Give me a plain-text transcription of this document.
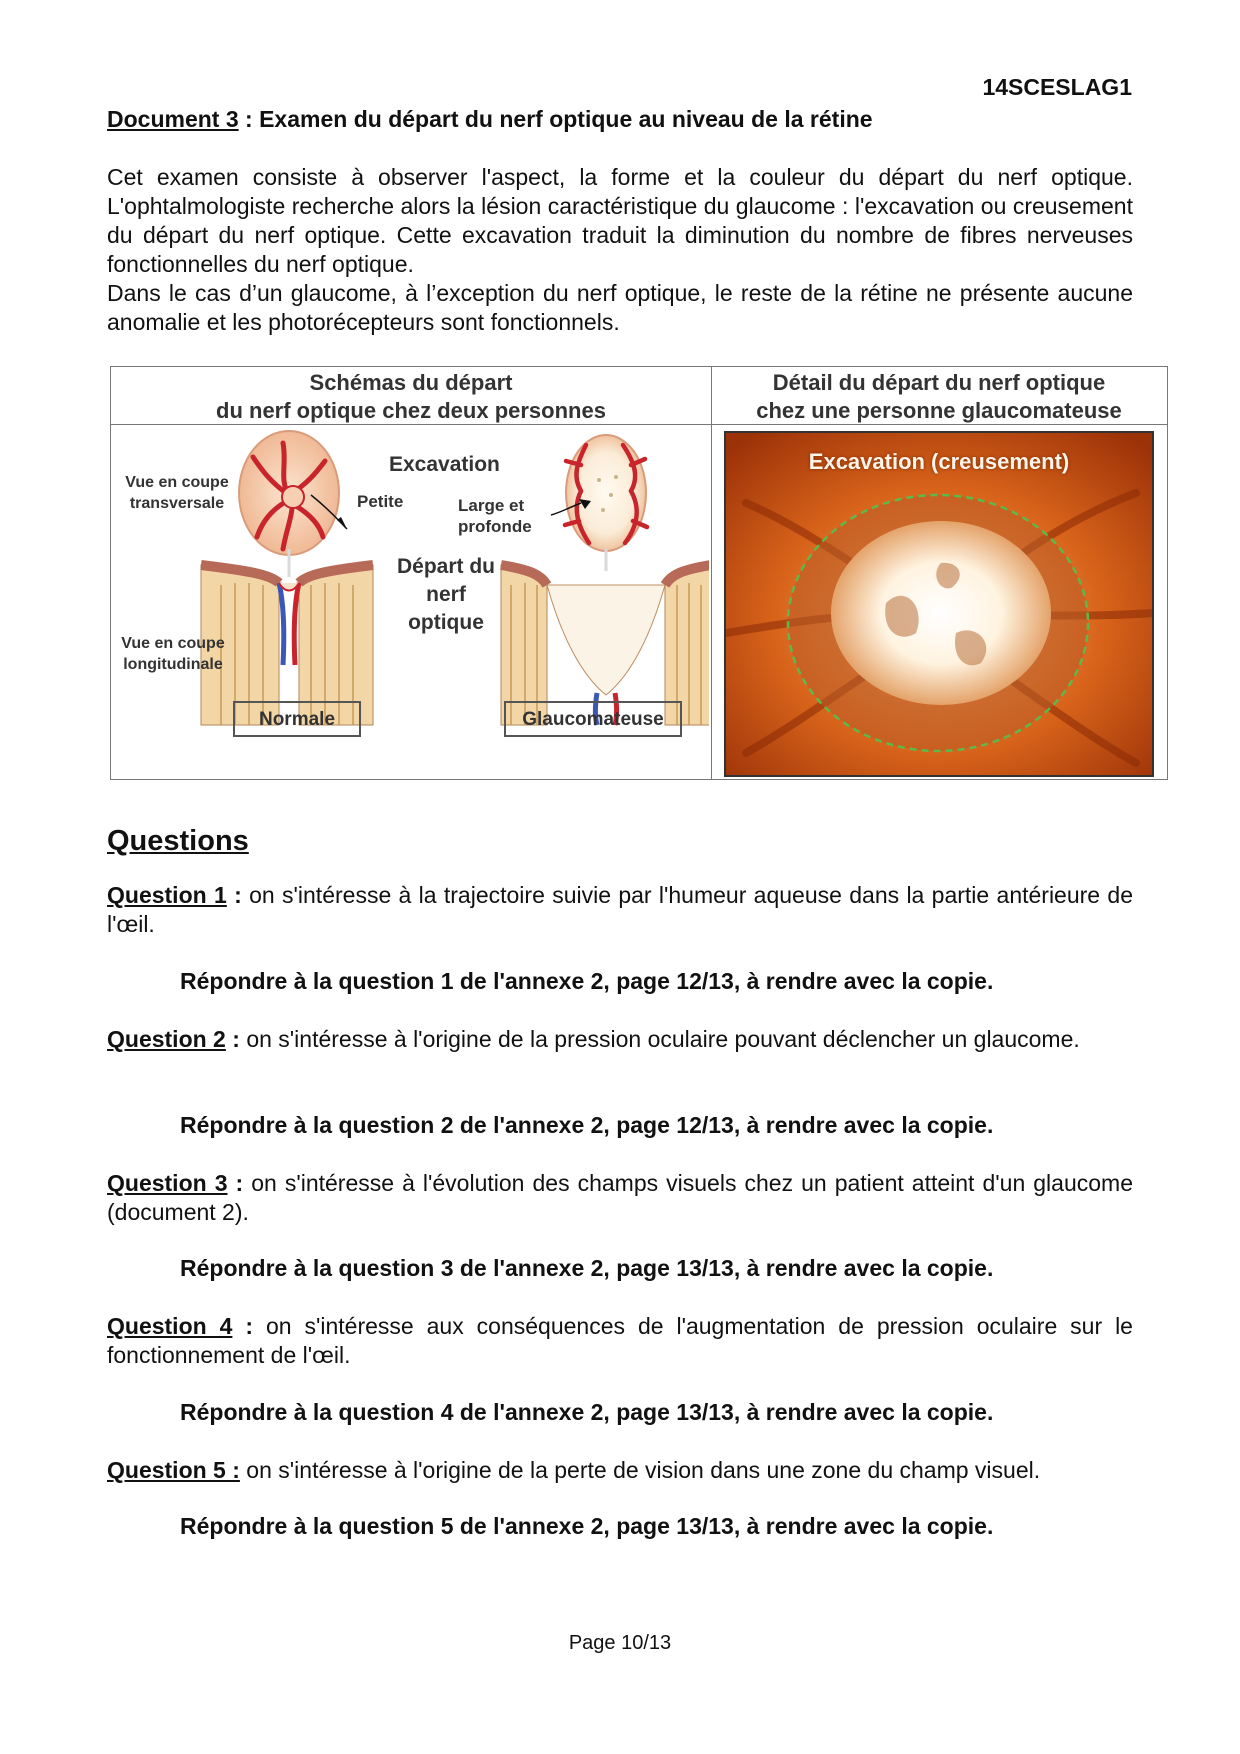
14SCESLAG1
Document 3 : Examen du départ du nerf optique au niveau de la rétine

Cet examen consiste à observer l'aspect, la forme et la couleur du départ du nerf optique. L'ophtalmologiste recherche alors la lésion caractéristique du glaucome : l'excavation ou creusement du départ du nerf optique. Cette excavation traduit la diminution du nombre de fibres nerveuses fonctionnelles du nerf optique.

Dans le cas d’un glaucome, à l’exception du nerf optique, le reste de la rétine ne présente aucune anomalie et les photorécepteurs sont fonctionnels.

Schémas du départ
du nerf optique chez deux personnes
Vue en coupe
transversale
Vue en coupe
longitudinale
Excavation
Petite	Large et
profonde
Départ du
nerf
optique
Normale	Glaucomateuse
Détail du départ du nerf optique
chez une personne glaucomateuse
Excavation (creusement)
Questions
Question 1 : on s'intéresse à la trajectoire suivie par l'humeur aqueuse dans la partie antérieure de l'œil.
Répondre à la question 1 de l'annexe 2, page 12/13, à rendre avec la copie.
Question 2 : on s'intéresse à l'origine de la pression oculaire pouvant déclencher un glaucome.
Répondre à la question 2 de l'annexe 2, page 12/13, à rendre avec la copie.
Question 3 : on s'intéresse à l'évolution des champs visuels chez un patient atteint d'un glaucome (document 2).
Répondre à la question 3 de l'annexe 2, page 13/13, à rendre avec la copie.
Question 4 : on s'intéresse aux conséquences de l'augmentation de pression oculaire sur le fonctionnement de l'œil.
Répondre à la question 4 de l'annexe 2, page 13/13, à rendre avec la copie.
Question 5 : on s'intéresse à l'origine de la perte de vision dans une zone du champ visuel.
Répondre à la question 5 de l'annexe 2, page 13/13, à rendre avec la copie.
Page 10/13
